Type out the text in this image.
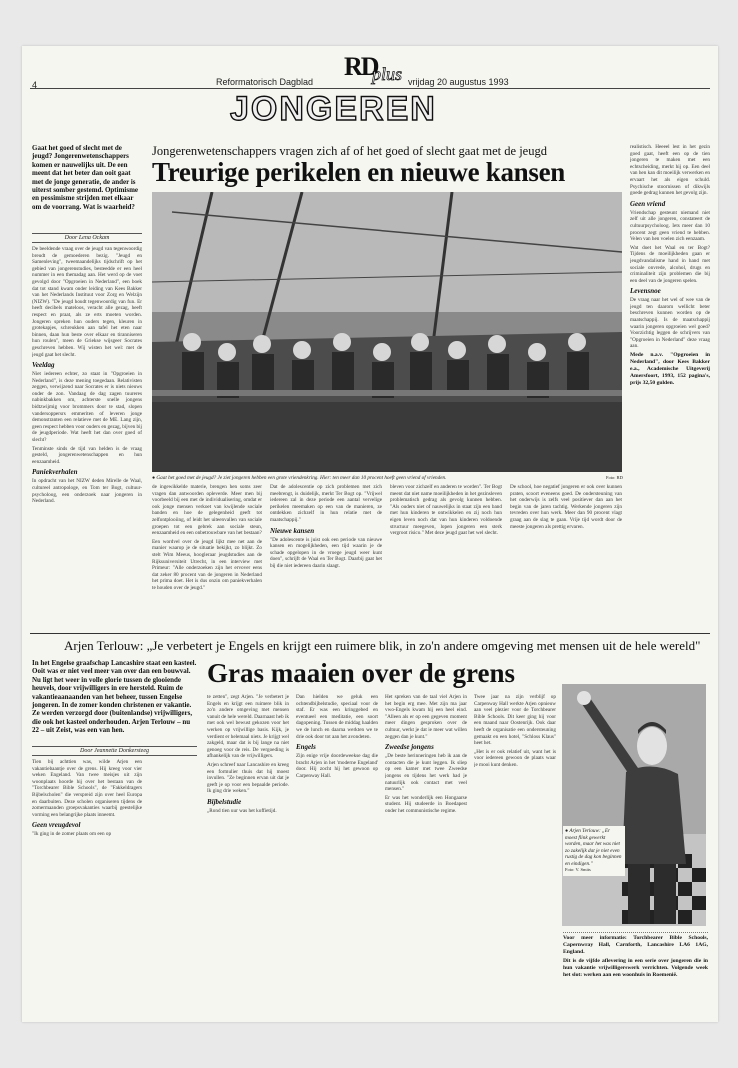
4
RD
plus
Reformatorisch Dagblad	vrijdag 20 augustus 1993
JONGEREN
Gaat het goed of slecht met de jeugd? Jongerenwetenschappers komen er nauwelijks uit. De een meent dat het beter dan ooit gaat met de jonge generatie, de ander is uiterst somber gestemd. Optimisme en pessimisme strijden met elkaar om de voorrang. Wat is waarheid?
Door Lena Ockam

De beeldende vraag over de jeugd van tegenwoordig breudt de gemoederen bezig. "Jeugd en Samenleving", tweemaandelijks tijdschrift op het gebied van jongerenstudies, besteedde er een heel nummer in een themadag aan. Het werd op de voet gevolgd door "Opgroeien in Nederland", een boek dat tot stand kwam onder leiding van Kees Bakker van het Nederlands Instituut voor Zorg en Welzijn (NIZW). "De jeugd houdt tegenwoordig van fun. Er heeft decibels mateloos, veracht alle gezag, heeft respect en praat, als ze erts moeten worden. Jongeren spreken hun ouders tegen, kleuren in grotekapjes, schreukken aan tafel het eten naar binnen, daan hun beste over elkaar en tiranniseren hun roulen", meen de Griekse wijsgeer Socrates geschreven hebben. Wij wisten het wel: met de jeugd gaat het slecht.

Veeldag

Niet iedereen echter, zo staat in "Opgroeien in Nederland", is deze mening toegedaan. Relativisten zeggen, verwijzend naar Socrates er is niets nieuws onder de zon. Vandaag de dag zagen tuureres nabinkbakken om, achterste snelle jongens bidtzwijmig voor brommers door te stad, slopen vandersoppersrs emmeriten of leveren jonge demonstranten een relatieve met de ME. Lang zijn, geen respect hebben voor ouders en gezag, bijven bij de jeugdperiode. Wat heeft het dan over goed of slecht?

Tenminste sinds de tijd van helden is de vraag gesteld, jongerenwetenschappen en hun eenzaamheid.

Paniekverhalen

In opdracht van het NIZW deden Mirelle de Waal, cultureel antropologe, en Tom ter Bogt, cultuur-psycholoog, een onderzoek naar jongeren in Nederland.

Jongerenwetenschappers vragen zich af of het goed of slecht gaat met de jeugd
Treurige perikelen en nieuwe kansen
● Gaat het goed met de jeugd? Je ziet jongeren hebben een grote vriendenkring. Hier: ten meer dan 10 procent hoeft geen vriend of vrienden.	Foto: RD

de ingewikkelde materie, brengen hen soms zeer vragen dan antwoorden opleverde. Meer men bij voorbeeld bij een met de individualisering, omdat er ook jonge mensen verkoet van kwijlende sociale banden en hoe de gelegenheid geeft tot zelfontplooiing, of leidt het uiteenvallen van sociale groepen tot een gebrek aan sociale steun, eenzaamheid en een onbetrouwbare van het bestaan?

Een wordvel over de jeugd lijkt mee net aan de manier waarop je de situatie bekijkt, zo blijkt. Zo stelt Wim Meeus, hoogleraar jeugdstudies aan de Rijksuniversiteit Utrecht, in een interview met Primeur: "Alle onderzoeken zijn het ervover eens dat zeker 80 procent van de jongeren in Nederland het prima doet. Het is dus onzin om paniekverhalen te houden over de jeugd."

Dat de adolescentie op zich problemen met zich meebrengt, is duidelijk, merkt Ter Bogt op. "Vrijwel iedereen zal in deze periode een aantal vervelige perikelen meemaken op een van de manieren, ze ontdekken zichzelf in hun relatie met de maatschappij."

Nieuwe kansen

"De adolescente is juist ook een periode van nieuwe kansen en mogelijkheden, een tijd waarin je de schade opgelopen in de vroege jeugd weer kunt doen", schrijft de Waal en Ter Bogt. Daarbij gaat het bij die niet iedereen daarin slaagt.

bleven voor zichzelf en anderen te worden". Ter Bogt meent dat niet name moeilijkheden in het gezinsleven problematisch gedrag als gevolg kunnen hebben. "Als ouders niet of nauwelijks in staat zijn een band met hun kinderen te ontwikkelen en zij noch hun eigen leven noch dat van hun kinderen voldoende structuur meegeven, lopen jongeren een sterk vergroot risico." Met deze jeugd gaat het wel slecht.

De school, hoe negatief jongeren er ook over kunnen praten, scoort eveneens goed. De ondersteuning van het onderwijs is zelfs veel positiever dan aan het begin van de jaren tachtig. Werkende jongeren zijn tevreden over hun werk. Meer dan 90 procent vlagt graag aan de slag te gaan. Vrije tijd wordt door de meeste jongeren als prettig ervaren.

realistisch. Heeeel lest in het gezin goed gaat, heeft een op de tien jongeren te maken met een echtscheiding, merkt hij op. Een deel van hen kan dit moeilijk verwerken en ervaart het als eigen schuld. Psychische stoornissen of dikwijls goede gedrag kunnen het gevolg zijn.

Geen vriend

Vriendschap gesteunt niemand niet zelf uit alle jongeren, constateert de cultuurpsycholoog. Iets meer dan 10 procent zegt geen vriend te hebben. Velen van hen voelen zich eenzaam.

Wat doet het Waal en ter Bogt? Tijdens de moeilijkheden gaan er jeugdvandalisme hand in hand met sociale onvrede, alcohol, drugs en criminaliteit zijn problemen die bij een deel van de jongeren spelen.

Levensnoe

De vraag naar het wel of wee van de jeugd ten daarom wellicht beter beschreven kunnen worden op de maatschappij. Is de maatschappij waarin jongeren opgroeien wel goed? Voorzichtig leggen de schrijvers van "Opgroeien in Nederland" deze vraag aan.

Mede n.a.v. "Opgroeien in Nederland", door Kees Bakker e.a., Academische Uitgeverij Amersfoort, 1993, 152 pagina's, prijs 32,50 gulden.

Arjen Terlouw: „Je verbetert je Engels en krijgt een ruimere blik, in zo'n andere omgeving met mensen uit de hele wereld"
Gras maaien over de grens
In het Engelse graafschap Lancashire staat een kasteel. Ooit was er niet veel meer van over dan een bouwval. Nu ligt het weer in volle glorie tussen de glooiende heuvels, door vrijwilligers in ere hersteld. Ruim de vakantieaanaanden van het beheer, tussen Engelse jongeren. In de zomer konden christenen er vakantie. Ze werden verzorgd door (buitenlandse) vrijwilligers, die ook het kasteel onderhouden. Arjen Terlouw – nu 22 – uit Zeist, was een van hen.
Door Jeannette Donkersteeg

Tien bij achttien was, wilde Arjen een vakantiebaantje over de grens. Hij kreeg voor vier weken Engeland. Van twee meisjes uit zijn woonplaats hoorde hij over het bestaan van de "Torchbearer Bible Schools", de "Fakkeldragers Bijbelscholen" die verspreid zijn over heel Europa en daarbuiten. Deze scholen organiseren tijdens de zomermaanden groepsvakanties waarbij geestelijke vorming een belangrijke plaats inneemt.

Geen vreugdevol

"Ik ging in de zomer plaats om een op

te zetten", zegt Arjen. "Je verbetert je Engels en krijgt een ruimere blik in zo'n andere omgeving met mensen vanuit de hele wereld. Daarnaast heb ik met ook wel bewust gekozen voor het werken op vrijwillige basis. Kijk, je verdient er helemaal niets. Je krijgt wel zakgeld, maar dat is bij lange na niet genoeg voor de reis. De vergoeding is afhankelijk van de vrijwilligers.

Arjen schreef naar Lancashire en kreeg een formulier thuis dat hij moest invullen. "Ze beginnen ervan uit dat je geeft je op voor een bepaalde periode. Ik ging drie weken."

Bijbelstudie

„Rond tien uur was het koffietijd.

Dan hielden we geluk een ochtendbijbelstudie, speciaal voor de staf. Er was een kringgebed en eventueel een meditatie, een soort dagopening. Tussen de middag haalden we de lunch en daarna werkten we te drie ook door tot aan het avondeten.

Engels

Zijn enige vrije doordeweekse dag die bracht Arjen in het 'moderne Engeland' door. Hij zocht hij het gewoon op Carpenway Hall.

Het spreken van de taal viel Arjen in het begin erg mee. Met zijn ma jaar vwo-Engels kwam hij een heel eind. "Alleen als er op een gegeven moment meer dingen gesproken over de cultuur, werkt je dat ie meer wat willen zeggen dan je kunt."

Zweedse jongens

„De beste herinneringen heb ik aan de contacten die je kunt leggen. Ik sliep op een kamer met twee Zweedse jongens en tijdens het werk had je natuurlijk ook contact met veel mensen."

Er was het wonderlijk een Hongaarse student. Hij studeerde in Boedapest onder het communistische regime.

Twee jaar na zijn verblijf op Carpenway Hall werkte Arjen opnieuw aan veel plezier voor de Torchbearer Bible Schools. Dit keer ging hij voor een maand naar Oostenrijk. Ook daar heeft de organisatie een ondersteuning gemaakt en een hotel, "Schloss Klaus" heet het.

„Het is er ook relatief uit, want het is voor iedereen gewoon de plaats waar je mooi kunt denken.

● Arjen Terlouw: „Er moest flink gewerkt worden, maar het was niet zo zakelijk dat je niet even rustig de dag kon beginnen en eindigen."
Foto: V. Smits

Voor meer informatie: Torchbearer Bible Schools, Capernwray Hall, Carnforth, Lancashire LA6 1AG, England.

Dit is de vijfde aflevering in een serie over jongeren die in hun vakantie vrijwilligerswerk verrichten. Volgende week het slot: werken aan een woonhuis in Roemenië.
